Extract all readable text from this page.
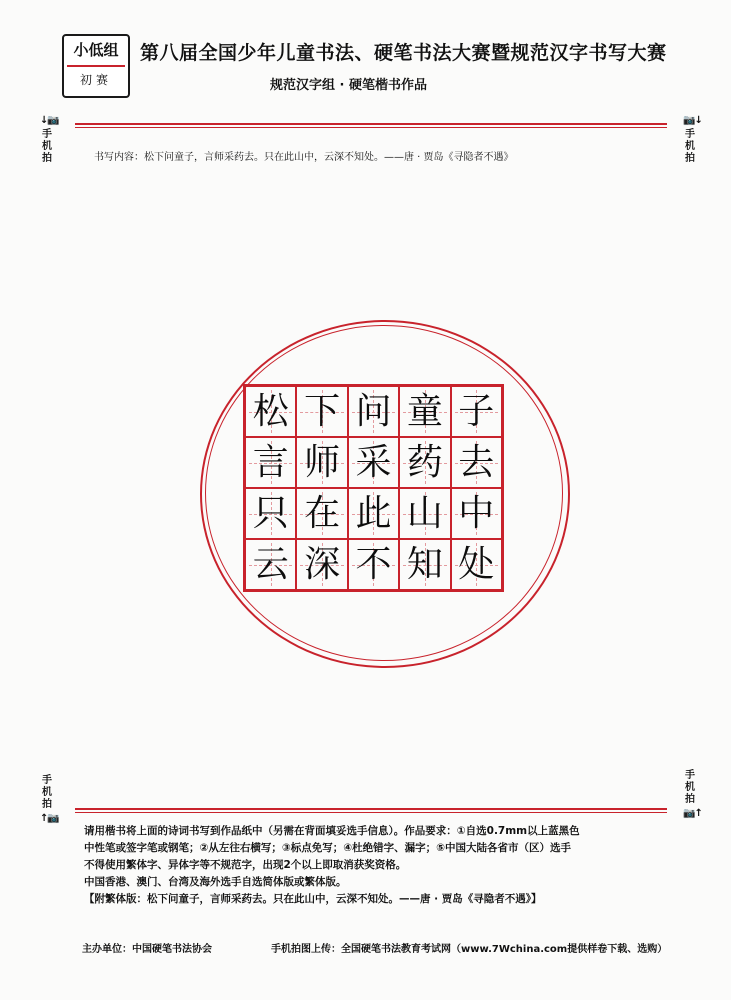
小低组
初赛
第八届全国少年儿童书法、硬笔书法大赛暨规范汉字书写大赛
规范汉字组 · 硬笔楷书作品
↓📷
手机拍
📷↓
手机拍
书写内容：松下问童子，言师采药去。只在此山中，云深不知处。——唐 · 贾岛《寻隐者不遇》
松 下 问 童 子
言 师 采 药 去
只 在 此 山 中
云 深 不 知 处
手机拍
↑📷
手机拍
📷↑

请用楷书将上面的诗词书写到作品纸中（另需在背面填妥选手信息）。作品要求：①自选0.7mm以上蓝黑色

中性笔或签字笔或钢笔；②从左往右横写；③标点免写；④杜绝错字、漏字；⑤中国大陆各省市（区）选手

不得使用繁体字、异体字等不规范字，出现2个以上即取消获奖资格。

中国香港、澳门、台湾及海外选手自选简体版或繁体版。

【附繁体版：松下问童子，言师采药去。只在此山中，云深不知处。——唐 · 贾岛《寻隐者不遇》】

主办单位：中国硬笔书法协会	手机拍图上传：全国硬笔书法教育考试网（www.7Wchina.com提供样卷下载、选购）
